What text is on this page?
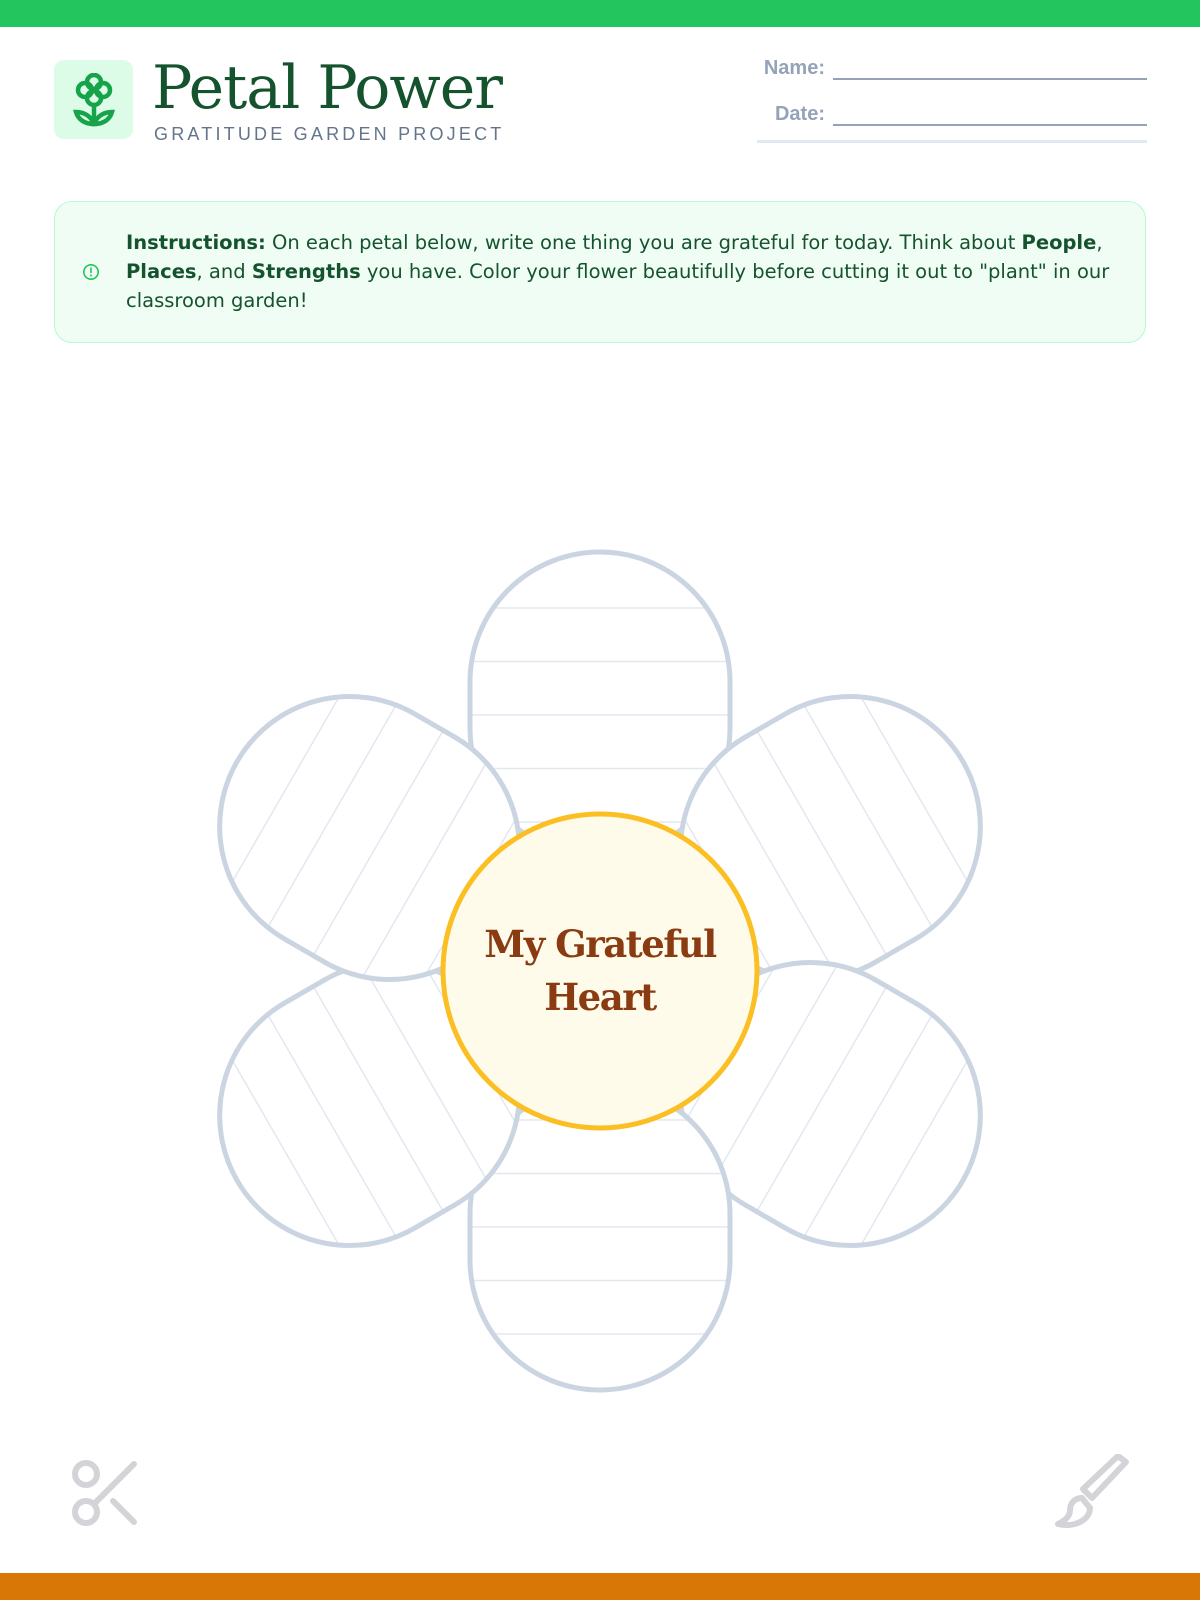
Petal Power
GRATITUDE GARDEN PROJECT
Name:
Date:
Instructions: On each petal below, write one thing you are grateful for today. Think about People, Places, and Strengths you have. Color your flower beautifully before cutting it out to "plant" in our classroom garden!
My Grateful
Heart
